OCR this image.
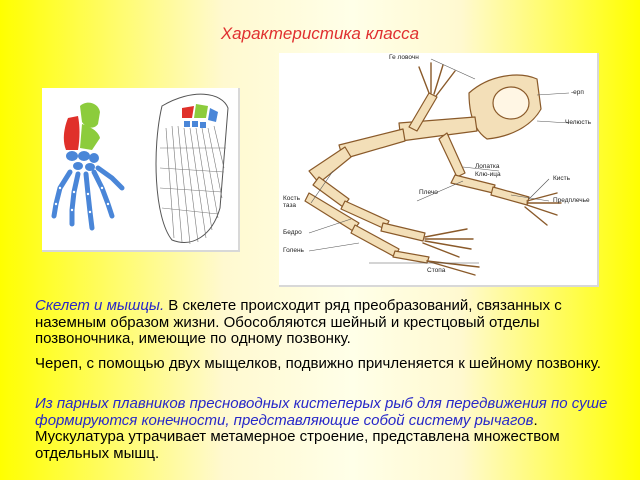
Характеристика класса
Ге ловочн
-ерп
Челюсть
Лопатка
Клю-ица
Кисть
Предплечье
Плечо
Кость таза
Бедро
Голень
Стопа

Скелет и мышцы. В скелете происходит ряд преобразований, связанных с наземным образом жизни. Обособляются шейный и крестцовый отделы позвоночника, имеющие по одному позвонку.

Череп, с помощью двух мыщелков, подвижно причленяется к шейному позвонку.

Из парных плавников пресноводных кистеперых рыб для передвижения по суше формируются конечности, представляющие собой систему рычагов. Мускулатура утрачивает метамерное строение, представлена множеством отдельных мышц.
